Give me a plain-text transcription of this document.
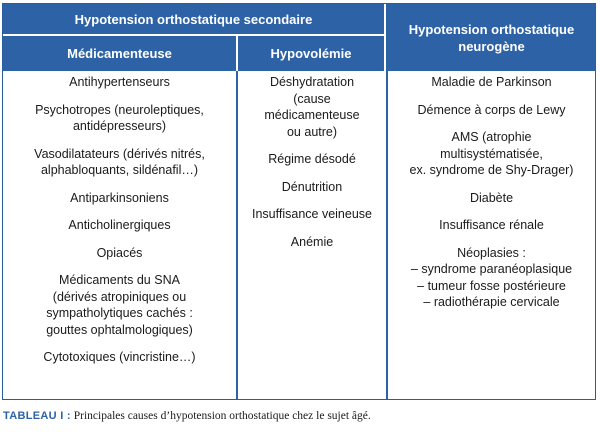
Hypotension orthostatique secondaire
Médicamenteuse	Hypovolémie
Hypotension orthostatique neurogène
Antihypertenseurs
Psychotropes (neuroleptiques,
antidépresseurs)
Vasodilatateurs (dérivés nitrés,
alphabloquants, sildénafil…)
Antiparkinsoniens
Anticholinergiques
Opiacés
Médicaments du SNA
(dérivés atropiniques ou
sympatholytiques cachés :
gouttes ophtalmologiques)
Cytotoxiques (vincristine…)
Déshydratation
(cause
médicamenteuse
ou autre)
Régime désodé
Dénutrition
Insuffisance veineuse
Anémie
Maladie de Parkinson
Démence à corps de Lewy
AMS (atrophie
multisystématisée,
ex. syndrome de Shy-Drager)
Diabète
Insuffisance rénale
Néoplasies :
– syndrome paranéoplasique
– tumeur fosse postérieure
– radiothérapie cervicale
TABLEAU I : Principales causes d’hypotension orthostatique chez le sujet âgé.
